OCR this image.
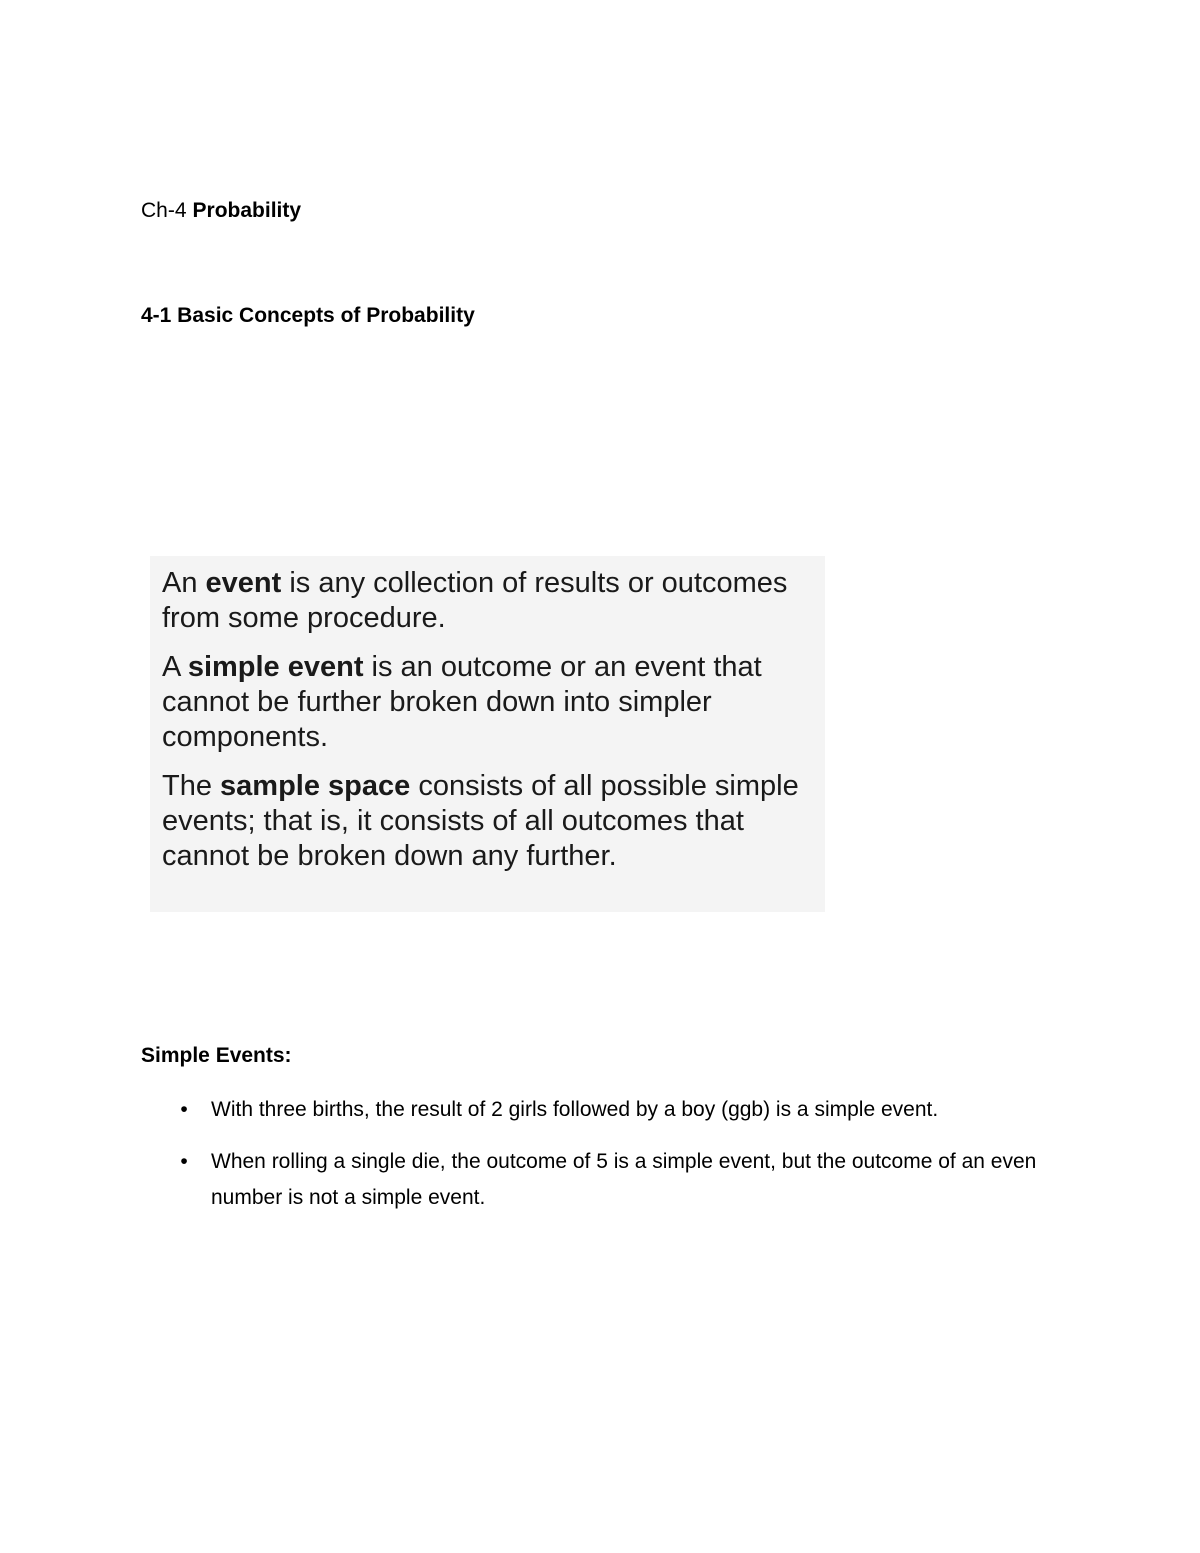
Ch-4 Probability
4-1 Basic Concepts of Probability

An event is any collection of results or outcomes from some procedure.

A simple event is an outcome or an event that cannot be further broken down into simpler components.

The sample space consists of all possible simple events; that is, it consists of all outcomes that cannot be broken down any further.

Simple Events:
• With three births, the result of 2 girls followed by a boy (ggb) is a simple event.
• When rolling a single die, the outcome of 5 is a simple event, but the outcome of an even number is not a simple event.
